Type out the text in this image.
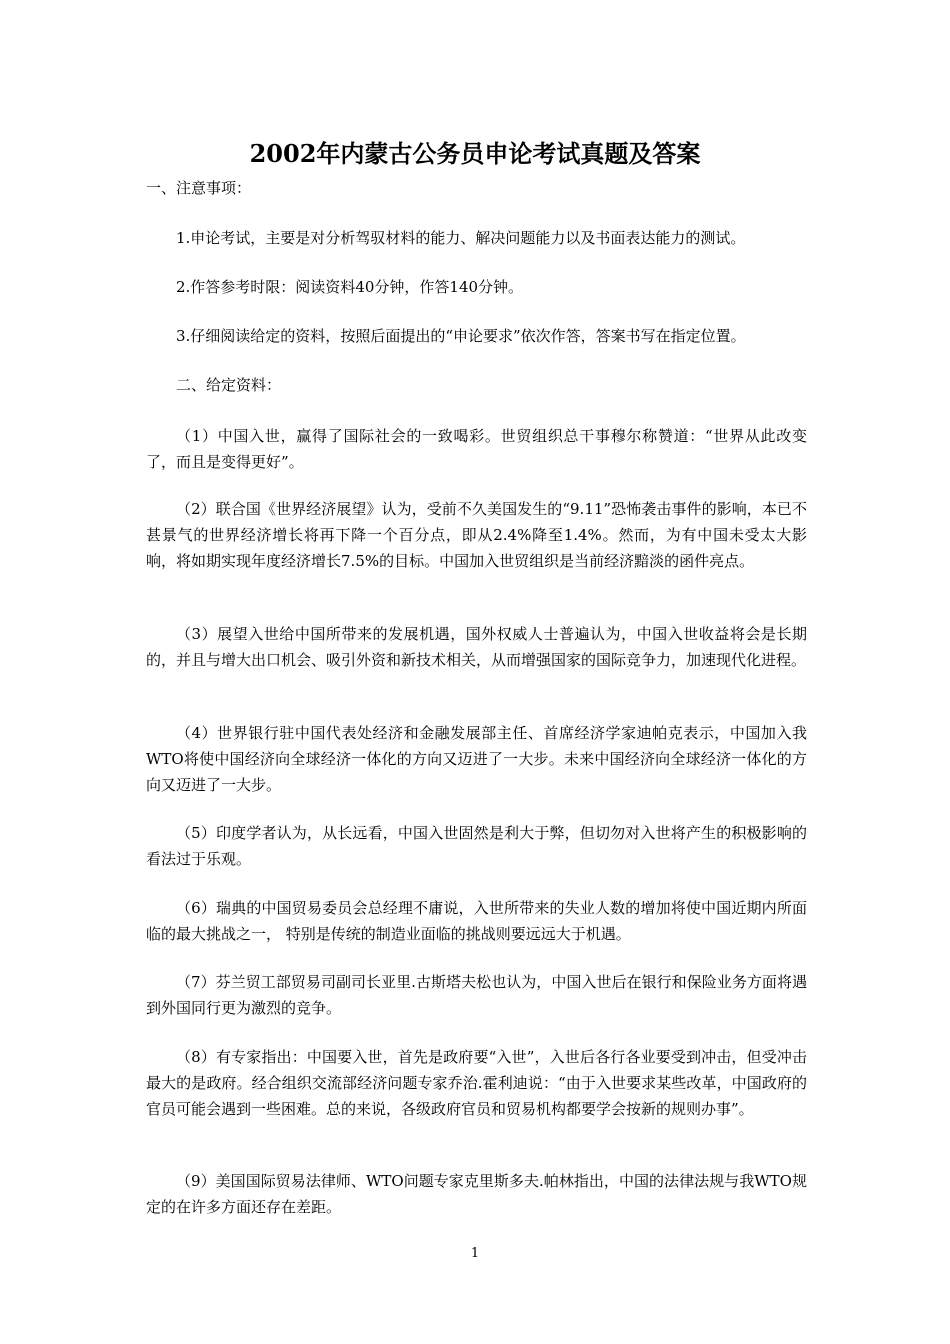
2002年内蒙古公务员申论考试真题及答案
一、注意事项：
1.申论考试，主要是对分析驾驭材料的能力、解决问题能力以及书面表达能力的测试。
2.作答参考时限：阅读资料40分钟，作答140分钟。
3.仔细阅读给定的资料，按照后面提出的“申论要求”依次作答，答案书写在指定位置。
二、给定资料：
（1）中国入世，赢得了国际社会的一致喝彩。世贸组织总干事穆尔称赞道：“世界从此改变了，而且是变得更好”。
（2）联合国《世界经济展望》认为，受前不久美国发生的“9.11”恐怖袭击事件的影响，本已不甚景气的世界经济增长将再下降一个百分点，即从2.4%降至1.4%。然而，为有中国未受太大影响，将如期实现年度经济增长7.5%的目标。中国加入世贸组织是当前经济黯淡的函件亮点。
（3）展望入世给中国所带来的发展机遇，国外权威人士普遍认为，中国入世收益将会是长期的，并且与增大出口机会、吸引外资和新技术相关，从而增强国家的国际竞争力，加速现代化进程。
（4）世界银行驻中国代表处经济和金融发展部主任、首席经济学家迪帕克表示，中国加入我WTO将使中国经济向全球经济一体化的方向又迈进了一大步。未来中国经济向全球经济一体化的方向又迈进了一大步。
（5）印度学者认为，从长远看，中国入世固然是利大于弊，但切勿对入世将产生的积极影响的看法过于乐观。
（6）瑞典的中国贸易委员会总经理不庸说，入世所带来的失业人数的增加将使中国近期内所面临的最大挑战之一， 特别是传统的制造业面临的挑战则要远远大于机遇。
（7）芬兰贸工部贸易司副司长亚里.古斯塔夫松也认为，中国入世后在银行和保险业务方面将遇到外国同行更为激烈的竞争。
（8）有专家指出：中国要入世，首先是政府要“入世”，入世后各行各业要受到冲击，但受冲击最大的是政府。经合组织交流部经济问题专家乔治.霍利迪说：“由于入世要求某些改革，中国政府的官员可能会遇到一些困难。总的来说，各级政府官员和贸易机构都要学会按新的规则办事”。
（9）美国国际贸易法律师、WTO问题专家克里斯多夫.帕林指出，中国的法律法规与我WTO规定的在许多方面还存在差距。
1
